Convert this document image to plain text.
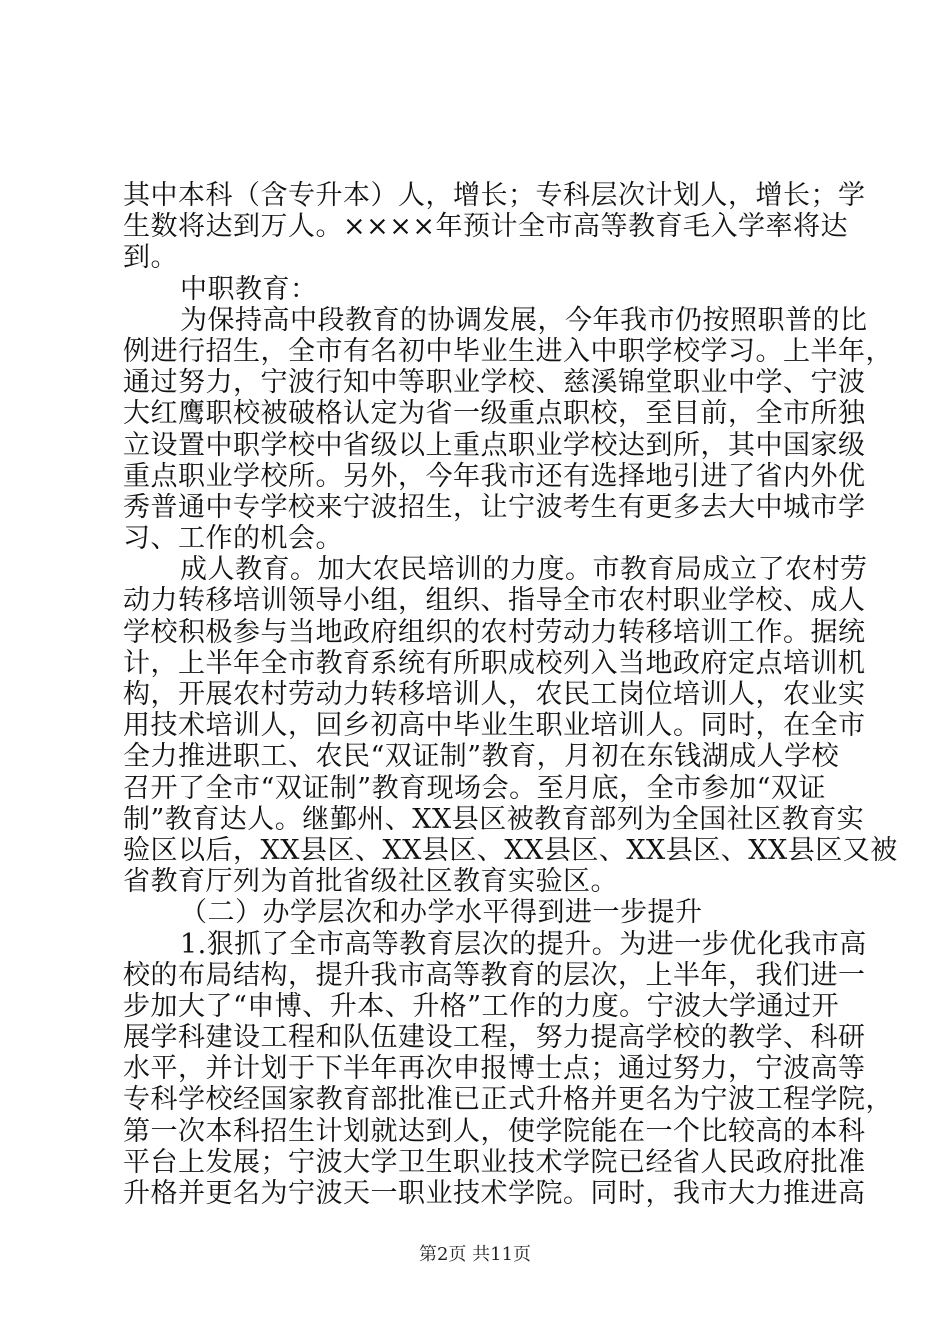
其中本科（含专升本）人，增长；专科层次计划人，增长；学
生数将达到万人。××××年预计全市高等教育毛入学率将达
到。
中职教育：
为保持高中段教育的协调发展，今年我市仍按照职普的比
例进行招生，全市有名初中毕业生进入中职学校学习。上半年，
通过努力，宁波行知中等职业学校、慈溪锦堂职业中学、宁波
大红鹰职校被破格认定为省一级重点职校，至目前，全市所独
立设置中职学校中省级以上重点职业学校达到所，其中国家级
重点职业学校所。另外，今年我市还有选择地引进了省内外优
秀普通中专学校来宁波招生，让宁波考生有更多去大中城市学
习、工作的机会。
成人教育。加大农民培训的力度。市教育局成立了农村劳
动力转移培训领导小组，组织、指导全市农村职业学校、成人
学校积极参与当地政府组织的农村劳动力转移培训工作。据统
计，上半年全市教育系统有所职成校列入当地政府定点培训机
构，开展农村劳动力转移培训人，农民工岗位培训人，农业实
用技术培训人，回乡初高中毕业生职业培训人。同时，在全市
全力推进职工、农民“双证制”教育，月初在东钱湖成人学校
召开了全市“双证制”教育现场会。至月底，全市参加“双证
制”教育达人。继鄞州、XX县区被教育部列为全国社区教育实
验区以后，XX县区、XX县区、XX县区、XX县区、XX县区又被
省教育厅列为首批省级社区教育实验区。
（二）办学层次和办学水平得到进一步提升
1.狠抓了全市高等教育层次的提升。为进一步优化我市高
校的布局结构，提升我市高等教育的层次，上半年，我们进一
步加大了“申博、升本、升格”工作的力度。宁波大学通过开
展学科建设工程和队伍建设工程，努力提高学校的教学、科研
水平，并计划于下半年再次申报博士点；通过努力，宁波高等
专科学校经国家教育部批准已正式升格并更名为宁波工程学院，
第一次本科招生计划就达到人，使学院能在一个比较高的本科
第2页 共11页
平台上发展；宁波大学卫生职业技术学院已经省人民政府批准
升格并更名为宁波天一职业技术学院。同时，我市大力推进高
